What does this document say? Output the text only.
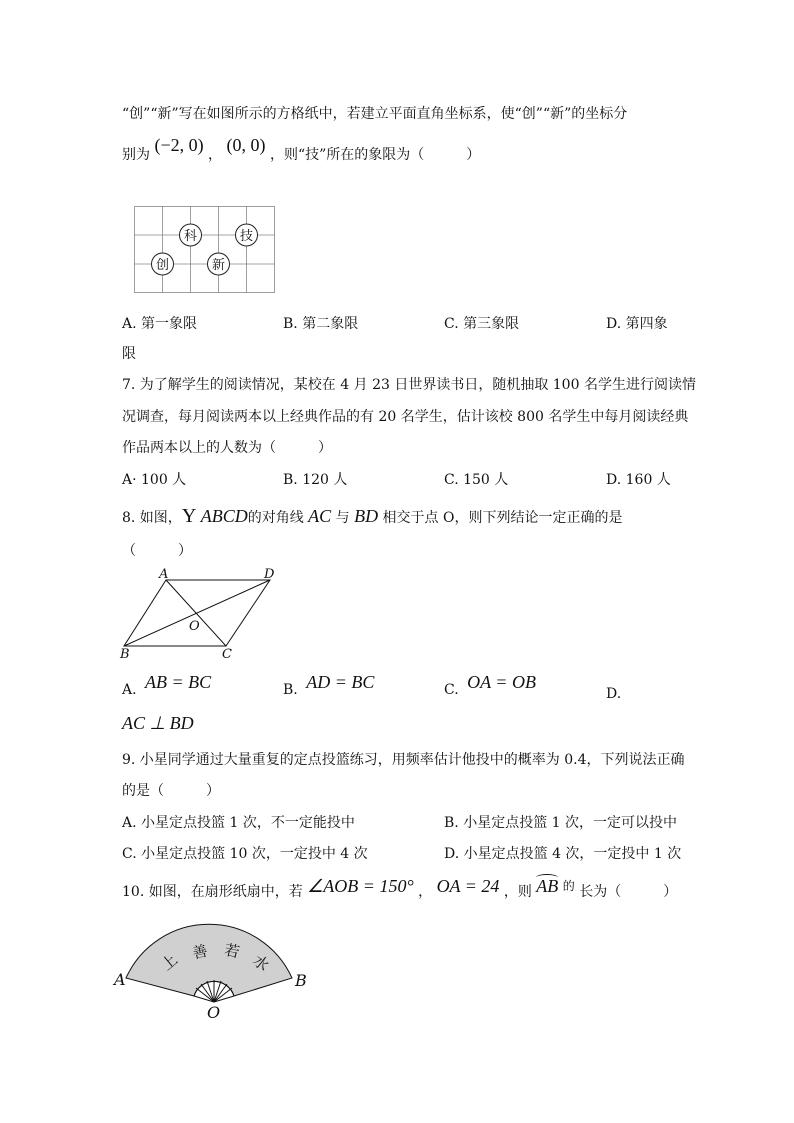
“创”“新”写在如图所示的方格纸中，若建立平面直角坐标系，使“创”“新”的坐标分
别为 (−2, 0) ， (0, 0) ，则“技”所在的象限为（　　　）
科	技
创	新
A. 第一象限	B. 第二象限	C. 第三象限	D. 第四象
限
7. 为了解学生的阅读情况，某校在 4 月 23 日世界读书日，随机抽取 100 名学生进行阅读情
况调查，每月阅读两本以上经典作品的有 20 名学生，估计该校 800 名学生中每月阅读经典
作品两本以上的人数为（　　　）
A· 100 人	B. 120 人	C. 150 人	D. 160 人
8. 如图，Y ABCD的对角线 AC 与 BD 相交于点 O，则下列结论一定正确的是
（　　　）
A	D
O
B	C
A. AB = BC	B. AD = BC	C. OA = OB
D.
AC ⊥ BD
9. 小星同学通过大量重复的定点投篮练习，用频率估计他投中的概率为 0.4，下列说法正确
的是（　　　）
A. 小星定点投篮 1 次，不一定能投中	B. 小星定点投篮 1 次，一定可以投中
C. 小星定点投篮 10 次，一定投中 4 次	D. 小星定点投篮 4 次，一定投中 1 次
10. 如图，在扇形纸扇中，若 ∠AOB = 150° ， OA = 24 ，则 AB 的 长为（　　　）
上 善 若
水
A	B
O
